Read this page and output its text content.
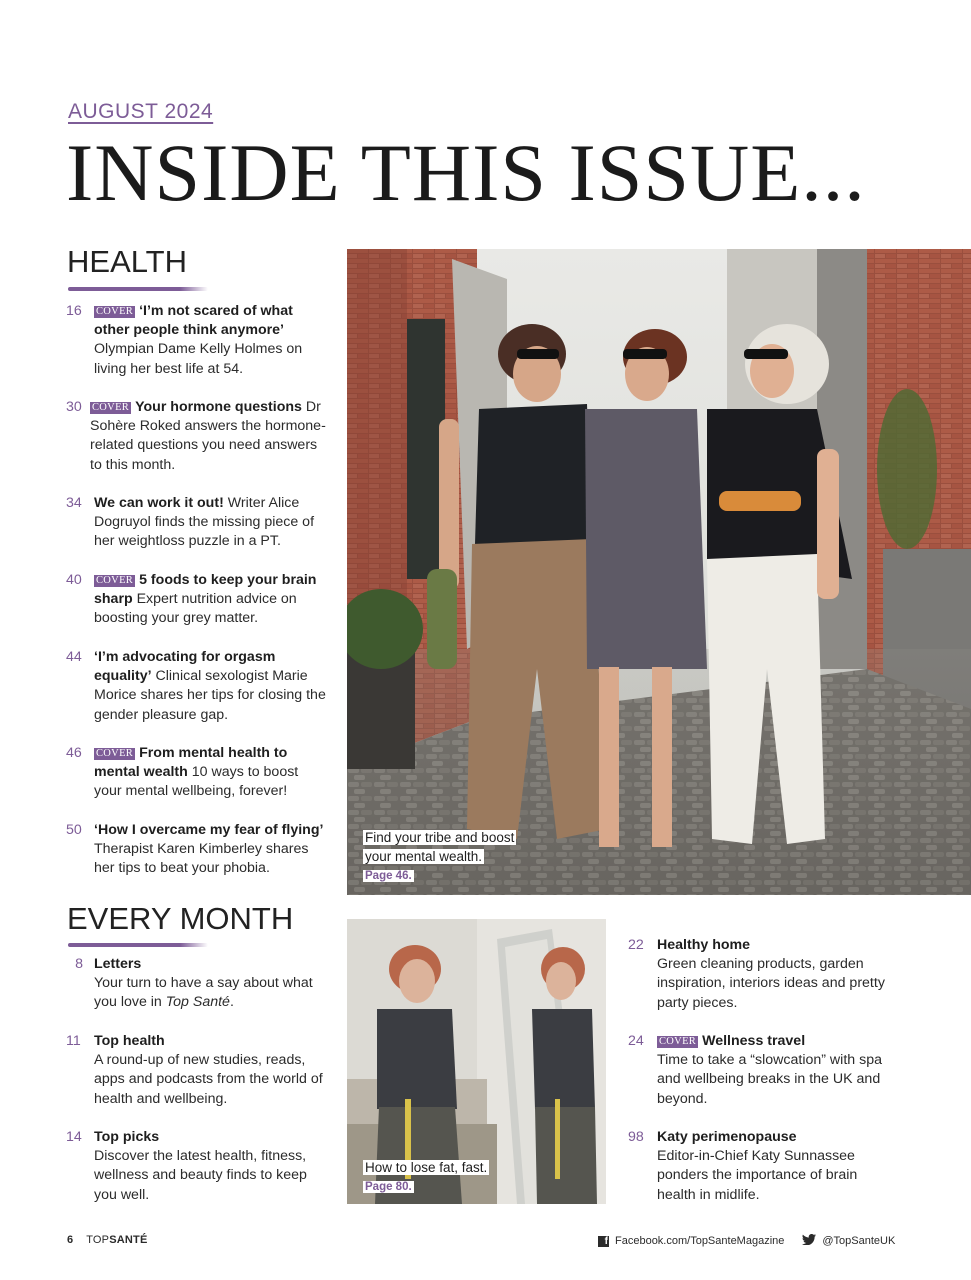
AUGUST 2024
INSIDE THIS ISSUE...
HEALTH
16	COVER ‘I’m not scared of what other people think anymore’ Olympian Dame Kelly Holmes on living her best life at 54.
30 COVER Your hormone questions Dr Sohère Roked answers the hormone-related questions you need answers to this month.
34 We can work it out! Writer Alice Dogruyol finds the missing piece of her weightloss puzzle in a PT.
40	COVER 5 foods to keep your brain sharp Expert nutrition advice on boosting your grey matter.
44 ‘I’m advocating for orgasm equality’ Clinical sexologist Marie Morice shares her tips for closing the gender pleasure gap.
46	COVER From mental health to mental wealth 10 ways to boost your mental wellbeing, forever!
50 ‘How I overcame my fear of flying’ Therapist Karen Kimberley shares her tips to beat your phobia.
Find your tribe and boost
your mental wealth.
Page 46.
EVERY MONTH
8 Letters
Your turn to have a say about what you love in Top Santé.
11 Top health
A round-up of new studies, reads, apps and podcasts from the world of health and wellbeing.
14 Top picks
Discover the latest health, fitness, wellness and beauty finds to keep you well.
How to lose fat, fast.
Page 80.
22 Healthy home
Green cleaning products, garden inspiration, interiors ideas and pretty party pieces.
24	COVER Wellness travel
Time to take a “slowcation” with spa and wellbeing breaks in the UK and beyond.
98 Katy perimenopause
Editor-in-Chief Katy Sunnassee ponders the importance of brain health in midlife.
6 TOPSANTÉ	f Facebook.com/TopSanteMagazine	@TopSanteUK
